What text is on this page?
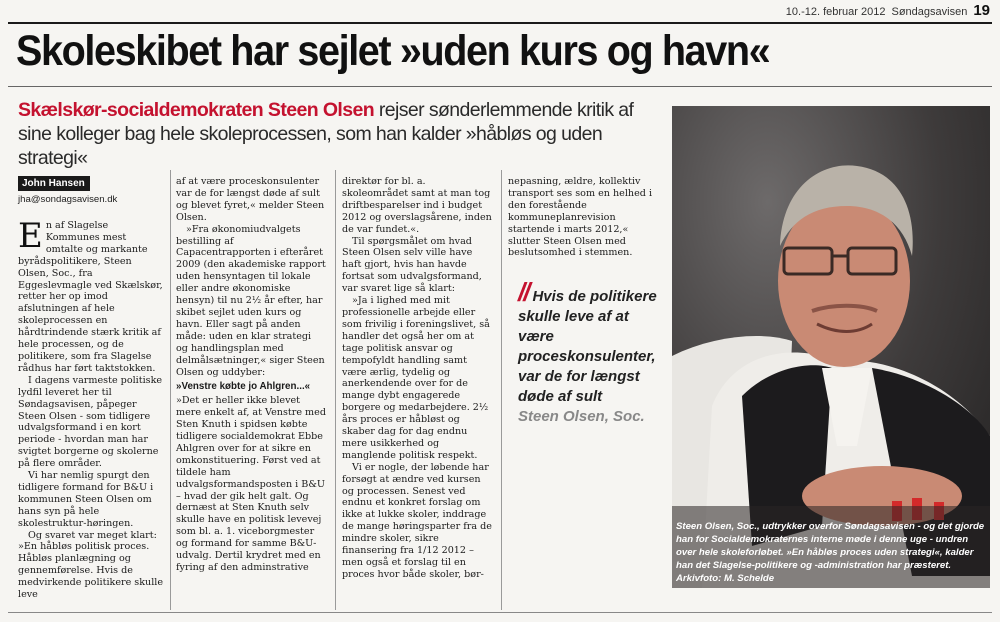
10.-12. februar 2012 Søndagsavisen 19
Skoleskibet har sejlet »uden kurs og havn«
Skælskør-socialdemokraten Steen Olsen rejser sønderlemmende kritik af sine kolleger bag hele skoleprocessen, som han kalder »håbløs og uden strategi«
John Hansen
jha@sondagsavisen.dk

En af Slagelse Kommunes mest omtalte og markante byrådspolitikere, Steen Olsen, Soc., fra Eggeslevmagle ved Skælskør, retter her op imod afslutningen af hele skoleprocessen en hårdtrindende stærk kritik af hele processen, og de politikere, som fra Slagelse rådhus har ført taktstokken.

I dagens varmeste politiske lydfil leveret her til Søndagsavisen, påpeger Steen Olsen - som tidligere udvalgsformand i en kort periode - hvordan man har svigtet borgerne og skolerne på flere områder.

Vi har nemlig spurgt den tidligere formand for B&U i kommunen Steen Olsen om hans syn på hele skolestruktur-høringen.

Og svaret var meget klart: »En håbløs politisk proces. Håbløs planlægning og gennemførelse. Hvis de medvirkende politikere skulle leve

af at være proceskonsulenter var de for længst døde af sult og blevet fyret,« melder Steen Olsen.

»Fra økonomiudvalgets bestilling af Capacentrapporten i efteråret 2009 (den akademiske rapport uden hensyntagen til lokale eller andre økonomiske hensyn) til nu 2½ år efter, har skibet sejlet uden kurs og havn. Eller sagt på anden måde: uden en klar strategi og handlingsplan med delmålsætninger,« siger Steen Olsen og uddyber:

»Venstre købte jo Ahlgren...«

»Det er heller ikke blevet mere enkelt af, at Venstre med Sten Knuth i spidsen købte tidligere socialdemokrat Ebbe Ahlgren over for at sikre en omkonstituering. Først ved at tildele ham udvalgsformandsposten i B&U – hvad der gik helt galt. Og dernæst at Sten Knuth selv skulle have en politisk levevej som bl. a. 1. viceborgmester og formand for samme B&U-udvalg. Dertil krydret med en fyring af den adminstrative

direktør for bl. a. skoleområdet samt at man tog driftbesparelser ind i budget 2012 og overslagsårene, inden de var fundet.«.

Til spørgsmålet om hvad Steen Olsen selv ville have haft gjort, hvis han havde fortsat som udvalgsformand, var svaret lige så klart:

»Ja i lighed med mit professionelle arbejde eller som frivilig i foreningslivet, så handler det også her om at tage politisk ansvar og tempofyldt handling samt være ærlig, tydelig og anerkendende over for de mange dybt engagerede borgere og medarbejdere. 2½ års proces er håbløst og skaber dag for dag endnu mere usikkerhed og manglende politisk respekt.

Vi er nogle, der løbende har forsøgt at ændre ved kursen og processen. Senest ved endnu et konkret forslag om ikke at lukke skoler, inddrage de mange høringsparter fra de mindre skoler, sikre finansering fra 1/12 2012 – men også et forslag til en proces hvor både skoler, bør-

nepasning, ældre, kollektiv transport ses som en helhed i den forestående kommuneplanrevision startende i marts 2012,« slutter Steen Olsen med beslutsomhed i stemmen.

// Hvis de politikere skulle leve af at være proceskonsulenter, var de for længst døde af sult
Steen Olsen, Soc.
Steen Olsen, Soc., udtrykker overfor Søndagsavisen - og det gjorde han for Socialdemokraternes interne møde i denne uge - undren over hele skoleforløbet. »En håbløs proces uden strategi«, kalder han det Slagelse-politikere og -administration har præsteret. Arkivfoto: M. Schelde
